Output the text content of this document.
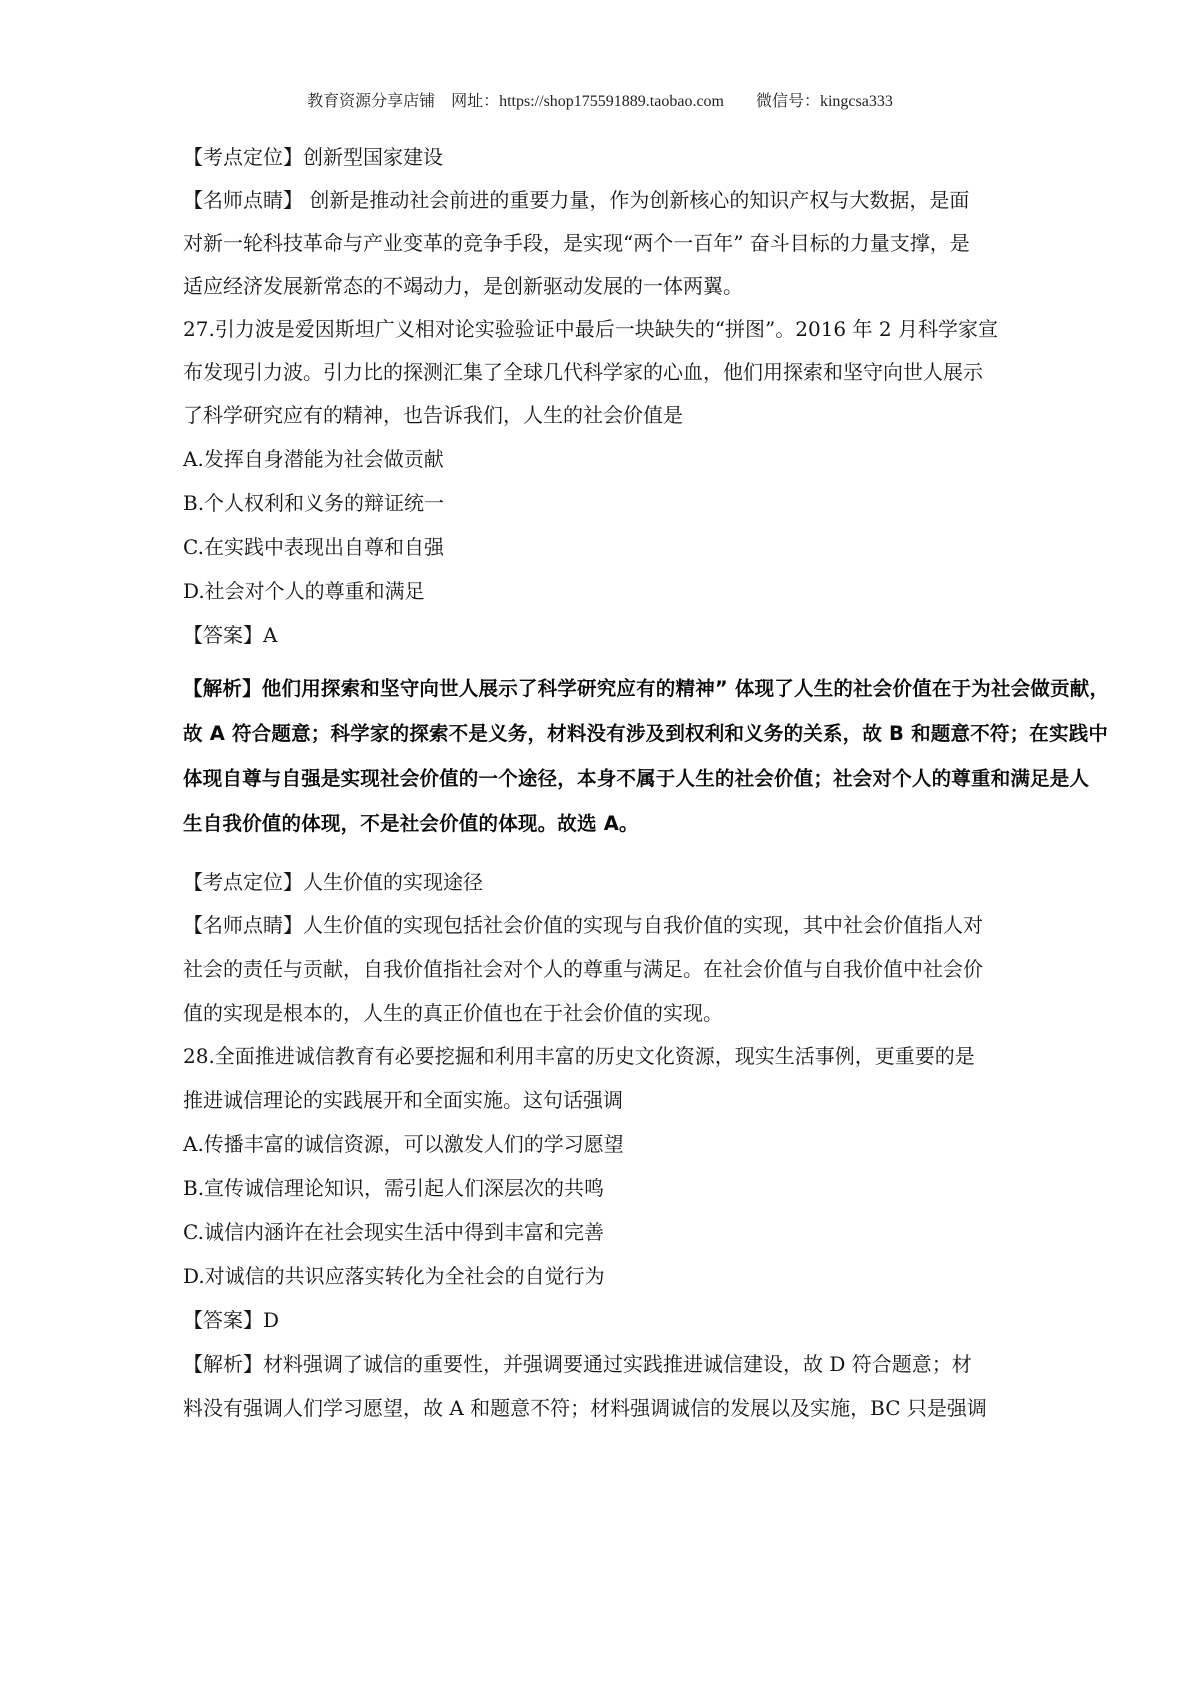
教育资源分享店铺　网址：https://shop175591889.taobao.com　　微信号：kingcsa333
【考点定位】创新型国家建设
【名师点睛】 创新是推动社会前进的重要力量，作为创新核心的知识产权与大数据，是面
对新一轮科技革命与产业变革的竞争手段，是实现“两个一百年” 奋斗目标的力量支撑，是
适应经济发展新常态的不竭动力，是创新驱动发展的一体两翼。
27.引力波是爱因斯坦广义相对论实验验证中最后一块缺失的“拼图”。2016 年 2 月科学家宣
布发现引力波。引力比的探测汇集了全球几代科学家的心血，他们用探索和坚守向世人展示
了科学研究应有的精神，也告诉我们，人生的社会价值是
A.发挥自身潜能为社会做贡献
B.个人权利和义务的辩证统一
C.在实践中表现出自尊和自强
D.社会对个人的尊重和满足
【答案】A
【解析】他们用探索和坚守向世人展示了科学研究应有的精神” 体现了人生的社会价值在于为社会做贡献，
故 A 符合题意；科学家的探索不是义务，材料没有涉及到权利和义务的关系，故 B 和题意不符；在实践中
体现自尊与自强是实现社会价值的一个途径，本身不属于人生的社会价值；社会对个人的尊重和满足是人
生自我价值的体现，不是社会价值的体现。故选 A。
【考点定位】人生价值的实现途径
【名师点睛】人生价值的实现包括社会价值的实现与自我价值的实现，其中社会价值指人对
社会的责任与贡献，自我价值指社会对个人的尊重与满足。在社会价值与自我价值中社会价
值的实现是根本的，人生的真正价值也在于社会价值的实现。
28.全面推进诚信教育有必要挖掘和利用丰富的历史文化资源，现实生活事例，更重要的是
推进诚信理论的实践展开和全面实施。这句话强调
A.传播丰富的诚信资源，可以激发人们的学习愿望
B.宣传诚信理论知识，需引起人们深层次的共鸣
C.诚信内涵许在社会现实生活中得到丰富和完善
D.对诚信的共识应落实转化为全社会的自觉行为
【答案】D
【解析】材料强调了诚信的重要性，并强调要通过实践推进诚信建设，故 D 符合题意；材
料没有强调人们学习愿望，故 A 和题意不符；材料强调诚信的发展以及实施，BC 只是强调
